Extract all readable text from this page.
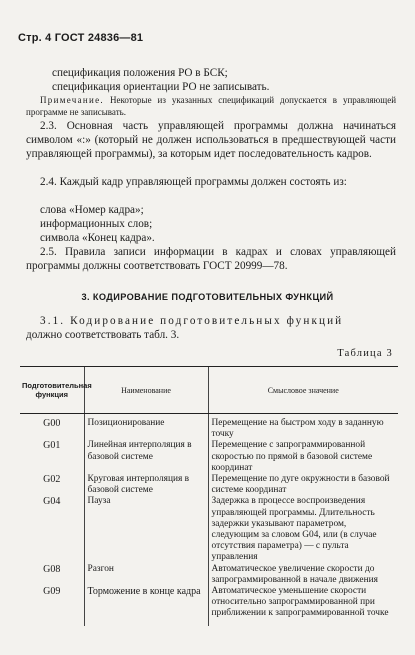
Стр. 4 ГОСТ 24836—81
спецификация положения РО в БСК;
спецификация ориентации РО не записывать.
Примечание. Некоторые из указанных спецификаций допускается в управляющей программе не записывать.
2.3. Основная часть управляющей программы должна начинаться символом «:» (который не должен использоваться в предшествующей части управляющей программы), за которым идет последовательность кадров.
2.4. Каждый кадр управляющей программы должен состоять из:
слова «Номер кадра»;
информационных слов;
символа «Конец кадра».
2.5. Правила записи информации в кадрах и словах управляющей программы должны соответствовать ГОСТ 20999—78.
3. КОДИРОВАНИЕ ПОДГОТОВИТЕЛЬНЫХ ФУНКЦИЙ
3.1. Кодирование подготовительных функций
должно соответствовать табл. 3.
Таблица 3
Подготовительная функция	Наименование	Смысловое значение
G00	Позиционирование	Перемещение на быстром ходу в заданную точку
G01	Линейная интерполяция в базовой системе	Перемещение с запрограммированной скоростью по прямой в базовой системе координат
G02	Круговая интерполяция в базовой системе	Перемещение по дуге окружности в базовой системе координат
G04	Пауза	Задержка в процессе воспроизведения управляющей программы. Длительность задержки указывают параметром, следующим за словом G04, или (в случае отсутствия параметра) — с пульта управления
G08	Разгон	Автоматическое увеличение скорости до запрограммированной в начале движения
G09	Торможение в конце кадра	Автоматическое уменьшение скорости относительно запрограммированной при приближении к запрограммированной точке
